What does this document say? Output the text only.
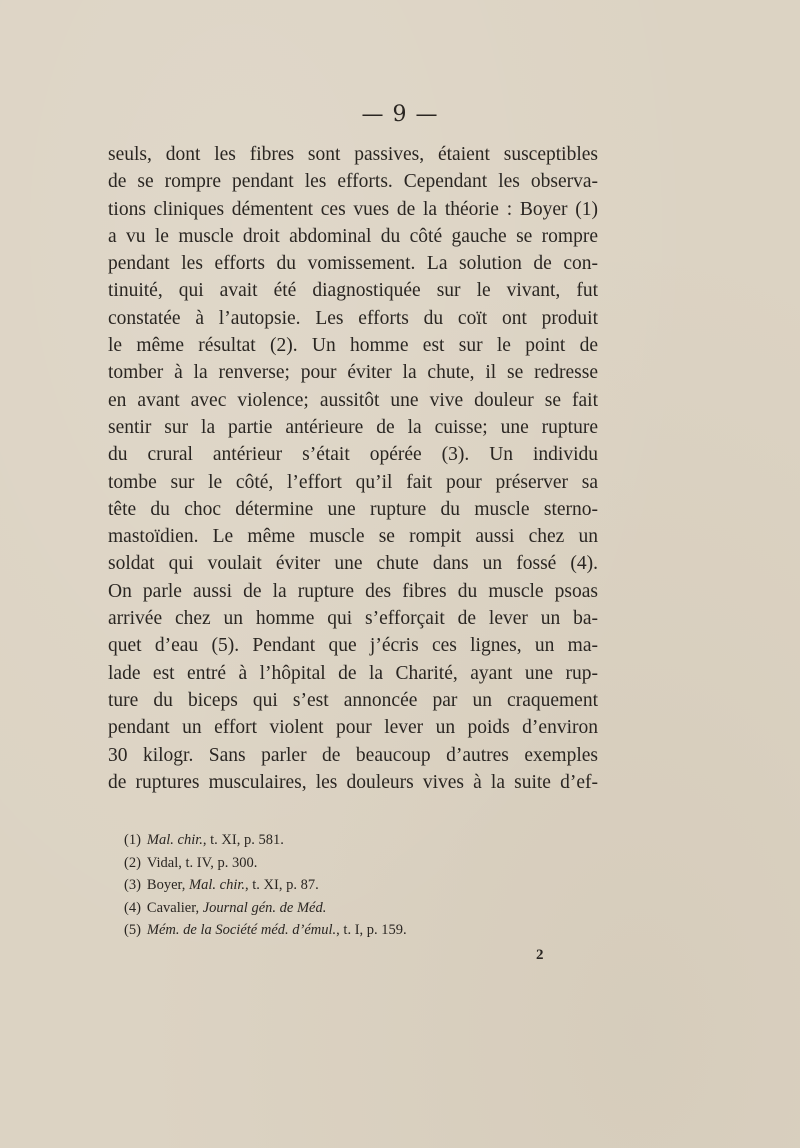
— 9 —
seuls, dont les fibres sont passives, étaient susceptibles
de se rompre pendant les efforts. Cependant les observa-
tions cliniques démentent ces vues de la théorie : Boyer (1)
a vu le muscle droit abdominal du côté gauche se rompre
pendant les efforts du vomissement. La solution de con-
tinuité, qui avait été diagnostiquée sur le vivant, fut
constatée à l’autopsie. Les efforts du coït ont produit
le même résultat (2). Un homme est sur le point de
tomber à la renverse; pour éviter la chute, il se redresse
en avant avec violence; aussitôt une vive douleur se fait
sentir sur la partie antérieure de la cuisse; une rupture
du crural antérieur s’était opérée (3). Un individu
tombe sur le côté, l’effort qu’il fait pour préserver sa
tête du choc détermine une rupture du muscle sterno-
mastoïdien. Le même muscle se rompit aussi chez un
soldat qui voulait éviter une chute dans un fossé (4).
On parle aussi de la rupture des fibres du muscle psoas
arrivée chez un homme qui s’efforçait de lever un ba-
quet d’eau (5). Pendant que j’écris ces lignes, un ma-
lade est entré à l’hôpital de la Charité, ayant une rup-
ture du biceps qui s’est annoncée par un craquement
pendant un effort violent pour lever un poids d’environ
30 kilogr. Sans parler de beaucoup d’autres exemples
de ruptures musculaires, les douleurs vives à la suite d’ef-
(1) Mal. chir., t. XI, p. 581.
(2) Vidal, t. IV, p. 300.
(3) Boyer, Mal. chir., t. XI, p. 87.
(4) Cavalier, Journal gén. de Méd.
(5) Mém. de la Société méd. d’émul., t. I, p. 159.
2
